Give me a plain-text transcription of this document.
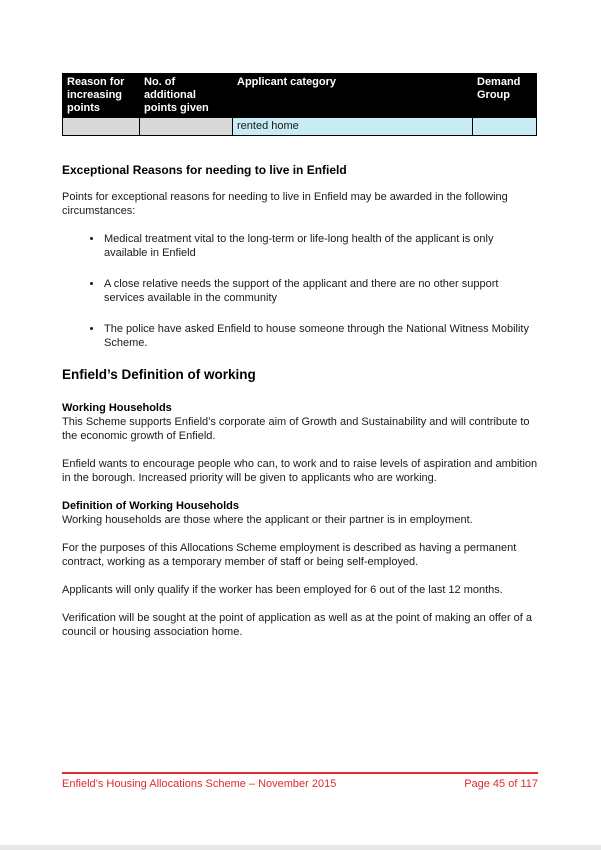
Reason for increasing points	No. of additional points given	Applicant category	Demand Group
		rented home	
Exceptional Reasons for needing to live in Enfield

Points for exceptional reasons for needing to live in Enfield may be awarded in the following circumstances:

• Medical treatment vital to the long-term or life-long health of the applicant is only available in Enfield
• A close relative needs the support of the applicant and there are no other support services available in the community
• The police have asked Enfield to house someone through the National Witness Mobility Scheme.
Enfield’s Definition of working
Working Households

This Scheme supports Enfield’s corporate aim of Growth and Sustainability and will contribute to the economic growth of Enfield.

Enfield wants to encourage people who can, to work and to raise levels of aspiration and ambition in the borough. Increased priority will be given to applicants who are working.

Definition of Working Households

Working households are those where the applicant or their partner is in employment.

For the purposes of this Allocations Scheme employment is described as having a permanent contract, working as a temporary member of staff or being self-employed.

Applicants will only qualify if the worker has been employed for 6 out of the last 12 months.

Verification will be sought at the point of application as well as at the point of making an offer of a council or housing association home.

Enfield’s Housing Allocations Scheme – November 2015	Page 45 of 117
